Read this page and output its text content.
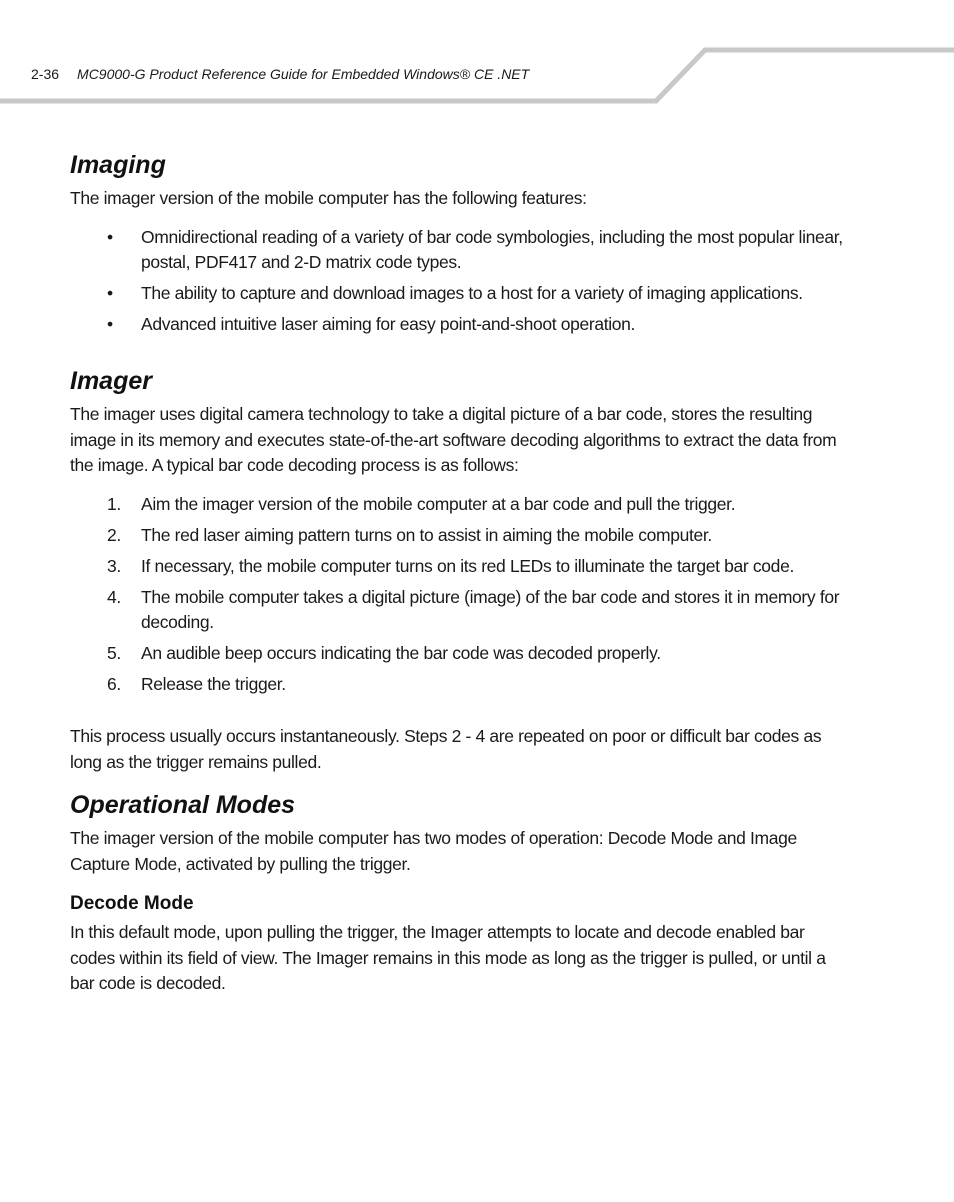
2-36 MC9000-G Product Reference Guide for Embedded Windows® CE .NET
Imaging

The imager version of the mobile computer has the following features:

• Omnidirectional reading of a variety of bar code symbologies, including the most popular linear, postal, PDF417 and 2-D matrix code types.
• The ability to capture and download images to a host for a variety of imaging applications.
• Advanced intuitive laser aiming for easy point-and-shoot operation.
Imager

The imager uses digital camera technology to take a digital picture of a bar code, stores the resulting image in its memory and executes state-of-the-art software decoding algorithms to extract the data from the image. A typical bar code decoding process is as follows:

1. Aim the imager version of the mobile computer at a bar code and pull the trigger.
2. The red laser aiming pattern turns on to assist in aiming the mobile computer.
3. If necessary, the mobile computer turns on its red LEDs to illuminate the target bar code.
4. The mobile computer takes a digital picture (image) of the bar code and stores it in memory for decoding.
5. An audible beep occurs indicating the bar code was decoded properly.
6. Release the trigger.

This process usually occurs instantaneously. Steps 2 - 4 are repeated on poor or difficult bar codes as long as the trigger remains pulled.

Operational Modes

The imager version of the mobile computer has two modes of operation: Decode Mode and Image Capture Mode, activated by pulling the trigger.

Decode Mode

In this default mode, upon pulling the trigger, the Imager attempts to locate and decode enabled bar codes within its field of view. The Imager remains in this mode as long as the trigger is pulled, or until a bar code is decoded.
